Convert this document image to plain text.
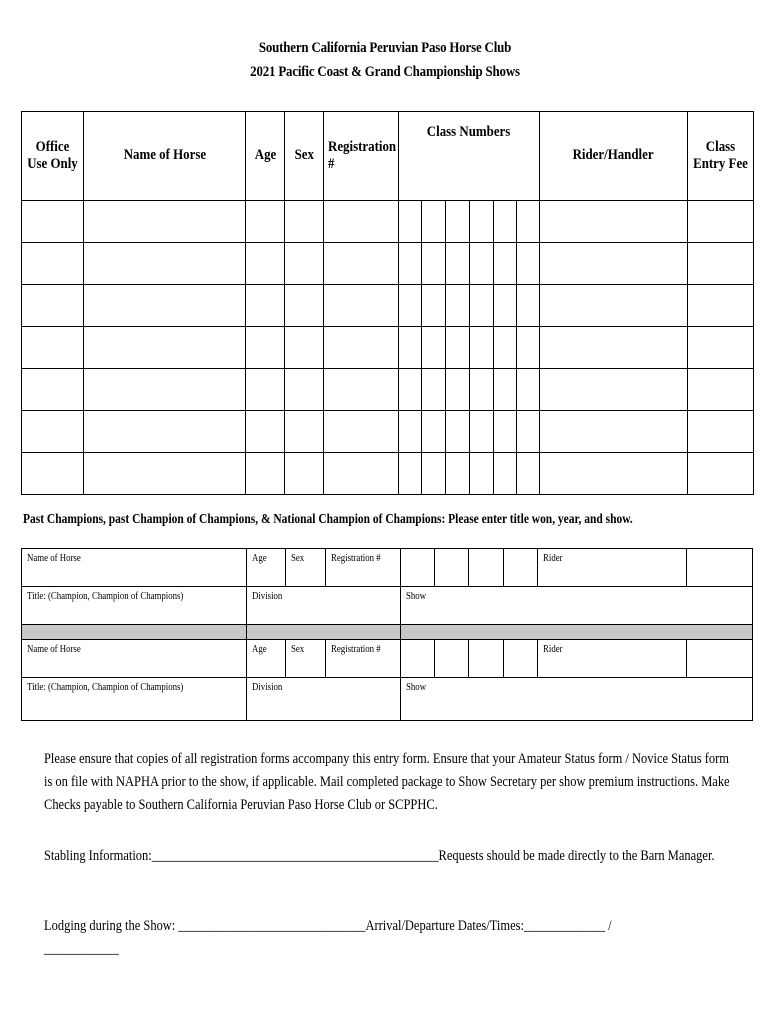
Southern California Peruvian Paso Horse Club
2021 Pacific Coast & Grand Championship Shows
Office Use Only	Name of Horse	Age	Sex	Registration #	Class Numbers						Rider/Handler	Class Entry Fee

Past Champions, past Champion of Champions, & National Champion of Champions: Please enter title won, year, and show.
Name of Horse	Age	Sex	Registration #					Rider	
Title: (Champion, Champion of Champions)	Division			Show					

Name of Horse	Age	Sex	Registration #					Rider	
Title: (Champion, Champion of Champions)	Division			Show					
Please ensure that copies of all registration forms accompany this entry form. Ensure that your Amateur Status form / Novice Status form is on file with NAPHA prior to the show, if applicable. Mail completed package to Show Secretary per show premium instructions. Make Checks payable to Southern California Peruvian Paso Horse Club or SCPPHC.
Stabling Information:______________________________________________Requests should be made directly to the Barn Manager.
Lodging during the Show: ______________________________Arrival/Departure Dates/Times:_____________ /
____________
